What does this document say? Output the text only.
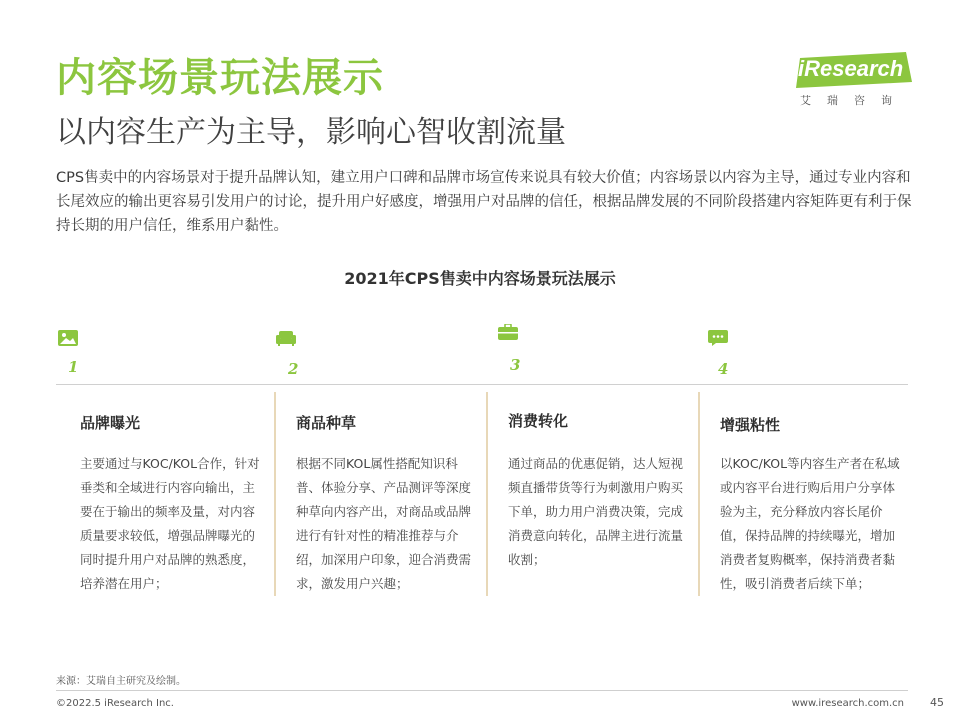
内容场景玩法展示
以内容生产为主导，影响心智收割流量
iResearch
艾瑞咨询
CPS售卖中的内容场景对于提升品牌认知，建立用户口碑和品牌市场宣传来说具有较大价值；内容场景以内容为主导，通过专业内容和长尾效应的输出更容易引发用户的讨论，提升用户好感度，增强用户对品牌的信任，根据品牌发展的不同阶段搭建内容矩阵更有利于保持长期的用户信任，维系用户黏性。
2021年CPS售卖中内容场景玩法展示
1	2	3	4
品牌曝光
主要通过与KOC/KOL合作，针对垂类和全域进行内容向输出，主要在于输出的频率及量，对内容质量要求较低，增强品牌曝光的同时提升用户对品牌的熟悉度，培养潜在用户；
商品种草
根据不同KOL属性搭配知识科普、体验分享、产品测评等深度种草向内容产出，对商品或品牌进行有针对性的精准推荐与介绍，加深用户印象，迎合消费需求，激发用户兴趣；
消费转化
通过商品的优惠促销，达人短视频直播带货等行为刺激用户购买下单，助力用户消费决策，完成消费意向转化，品牌主进行流量收割；
增强粘性
以KOC/KOL等内容生产者在私域或内容平台进行购后用户分享体验为主，充分释放内容长尾价值，保持品牌的持续曝光，增加消费者复购概率，保持消费者黏性，吸引消费者后续下单；
来源：艾瑞自主研究及绘制。
©2022.5 iResearch Inc.	www.iresearch.com.cn 45
